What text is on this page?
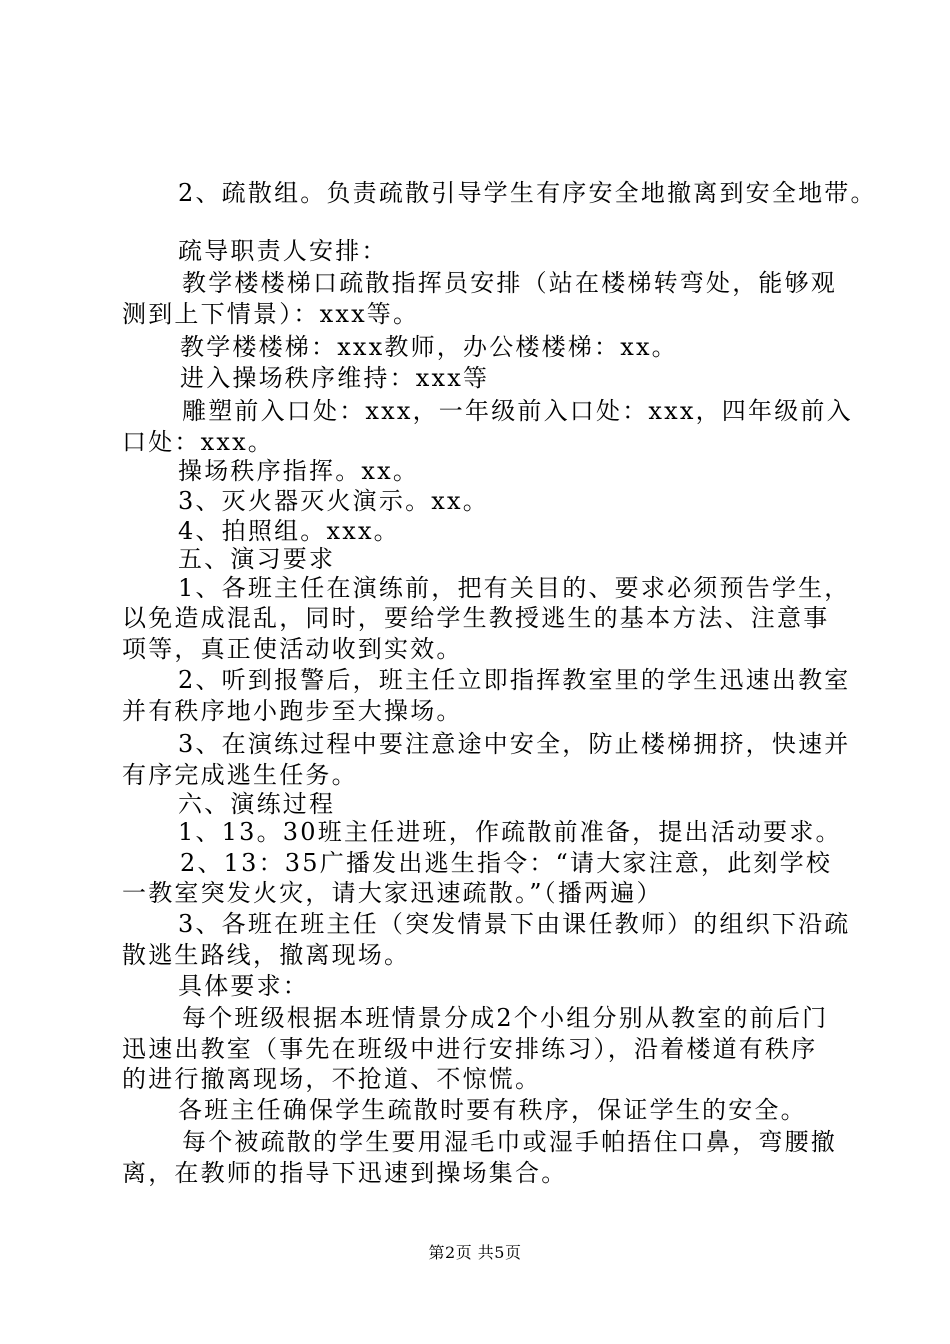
2、疏散组。负责疏散引导学生有序安全地撤离到安全地带。
疏导职责人安排：
教学楼楼梯口疏散指挥员安排（站在楼梯转弯处，能够观
测到上下情景）：xxx等。
教学楼楼梯：xxx教师，办公楼楼梯：xx。
进入操场秩序维持：xxx等
雕塑前入口处：xxx，一年级前入口处：xxx，四年级前入
口处：xxx。
操场秩序指挥。xx。
3、灭火器灭火演示。xx。
4、拍照组。xxx。
五、演习要求
1、各班主任在演练前，把有关目的、要求必须预告学生，
以免造成混乱，同时，要给学生教授逃生的基本方法、注意事
项等，真正使活动收到实效。
2、听到报警后，班主任立即指挥教室里的学生迅速出教室
并有秩序地小跑步至大操场。
3、在演练过程中要注意途中安全，防止楼梯拥挤，快速并
有序完成逃生任务。
六、演练过程
1、13。30班主任进班，作疏散前准备，提出活动要求。
2、13：35广播发出逃生指令：“请大家注意，此刻学校
一教室突发火灾，请大家迅速疏散。”（播两遍）
3、各班在班主任（突发情景下由课任教师）的组织下沿疏
散逃生路线，撤离现场。
具体要求：
每个班级根据本班情景分成2个小组分别从教室的前后门
迅速出教室（事先在班级中进行安排练习），沿着楼道有秩序
的进行撤离现场，不抢道、不惊慌。
各班主任确保学生疏散时要有秩序，保证学生的安全。
每个被疏散的学生要用湿毛巾或湿手帕捂住口鼻，弯腰撤
离，在教师的指导下迅速到操场集合。
第2页 共5页
